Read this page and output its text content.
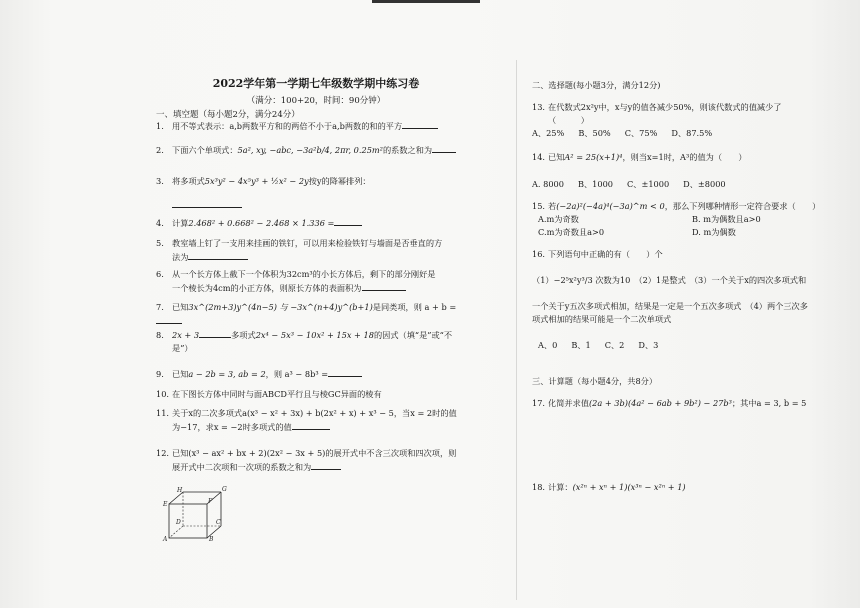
2022学年第一学期七年级数学期中练习卷

（满分：100+20，时间：90分钟）

一、填空题（每小题2分，满分24分）

1. 用不等式表示：a,b两数平方和的两倍不小于a,b两数的和的平方
2. 下面六个单项式：5a², xy, −abc, −3a²b/4, 2πr, 0.25m²的系数之和为
3. 将多项式5x³y² − 4x⁵y³ + ½x² − 2y按y的降幂排列：

4. 计算2.468² + 0.668² − 2.468 × 1.336 =
5. 教室墙上钉了一支用来挂画的铁钉，可以用来检验铁钉与墙面是否垂直的方
法为
6. 从一个长方体上截下一个体积为32cm³的小长方体后，剩下的部分刚好是
一个棱长为4cm的小正方体，则原长方体的表面积为
7. 已知3x^(2m+3)y^(4n−5) 与 −3x^(n+4)y^(b+1)是同类项，则 a + b =
8. 2x + 3	多项式2x⁴ − 5x³ − 10x² + 15x + 18的因式（填“是”或“不
是”）
9. 已知a − 2b = 3, ab = 2，则 a³ − 8b³ =
10. 在下图长方体中同时与面ABCD平行且与棱GC异面的棱有
11. 关于x的二次多项式a(x³ − x² + 3x) + b(2x² + x) + x³ − 5，当x = 2时的值
为−17，求x = −2时多项式的值
12. 已知(x³ − ax² + bx + 2)(2x² − 3x + 5)的展开式中不含三次项和四次项，则
展开式中二次项和一次项的系数之和为
H	G
E	F
D	C
A	B
二、选择题(每小题3分，满分12分)
13. 在代数式2x²y中，x与y的值各减少50%，则该代数式的值减少了
（　　　）
A、25% B、50% C、75% D、87.5%
14. 已知A² = 25(x+1)⁴，则当x=1时，A³的值为（　　）

A. 8000 B、1000 C、±1000 D、±8000
15. 若(−2a)²(−4a)⁴(−3a)^m < 0，那么下列哪种情形一定符合要求（　　）
A.m为奇数	B. m为偶数且a>0
C.m为奇数且a>0	D. m为偶数
16. 下列语句中正确的有（　　）个

（1）−2⁵x²y³/3 次数为10　 （2）1是整式　 （3）一个关于x的四次多项式和

一个关于y五次多项式相加，结果是一定是一个五次多项式　（4）两个三次多
项式相加的结果可能是一个二次单项式

A、0 B、1 C、2 D、3
三、计算题（每小题4分，共8分）
17. 化简并求值(2a + 3b)(4a² − 6ab + 9b²) − 27b³；其中a = 3, b = 5
18. 计算：(x²ⁿ + xⁿ + 1)(x³ⁿ − x²ⁿ + 1)
